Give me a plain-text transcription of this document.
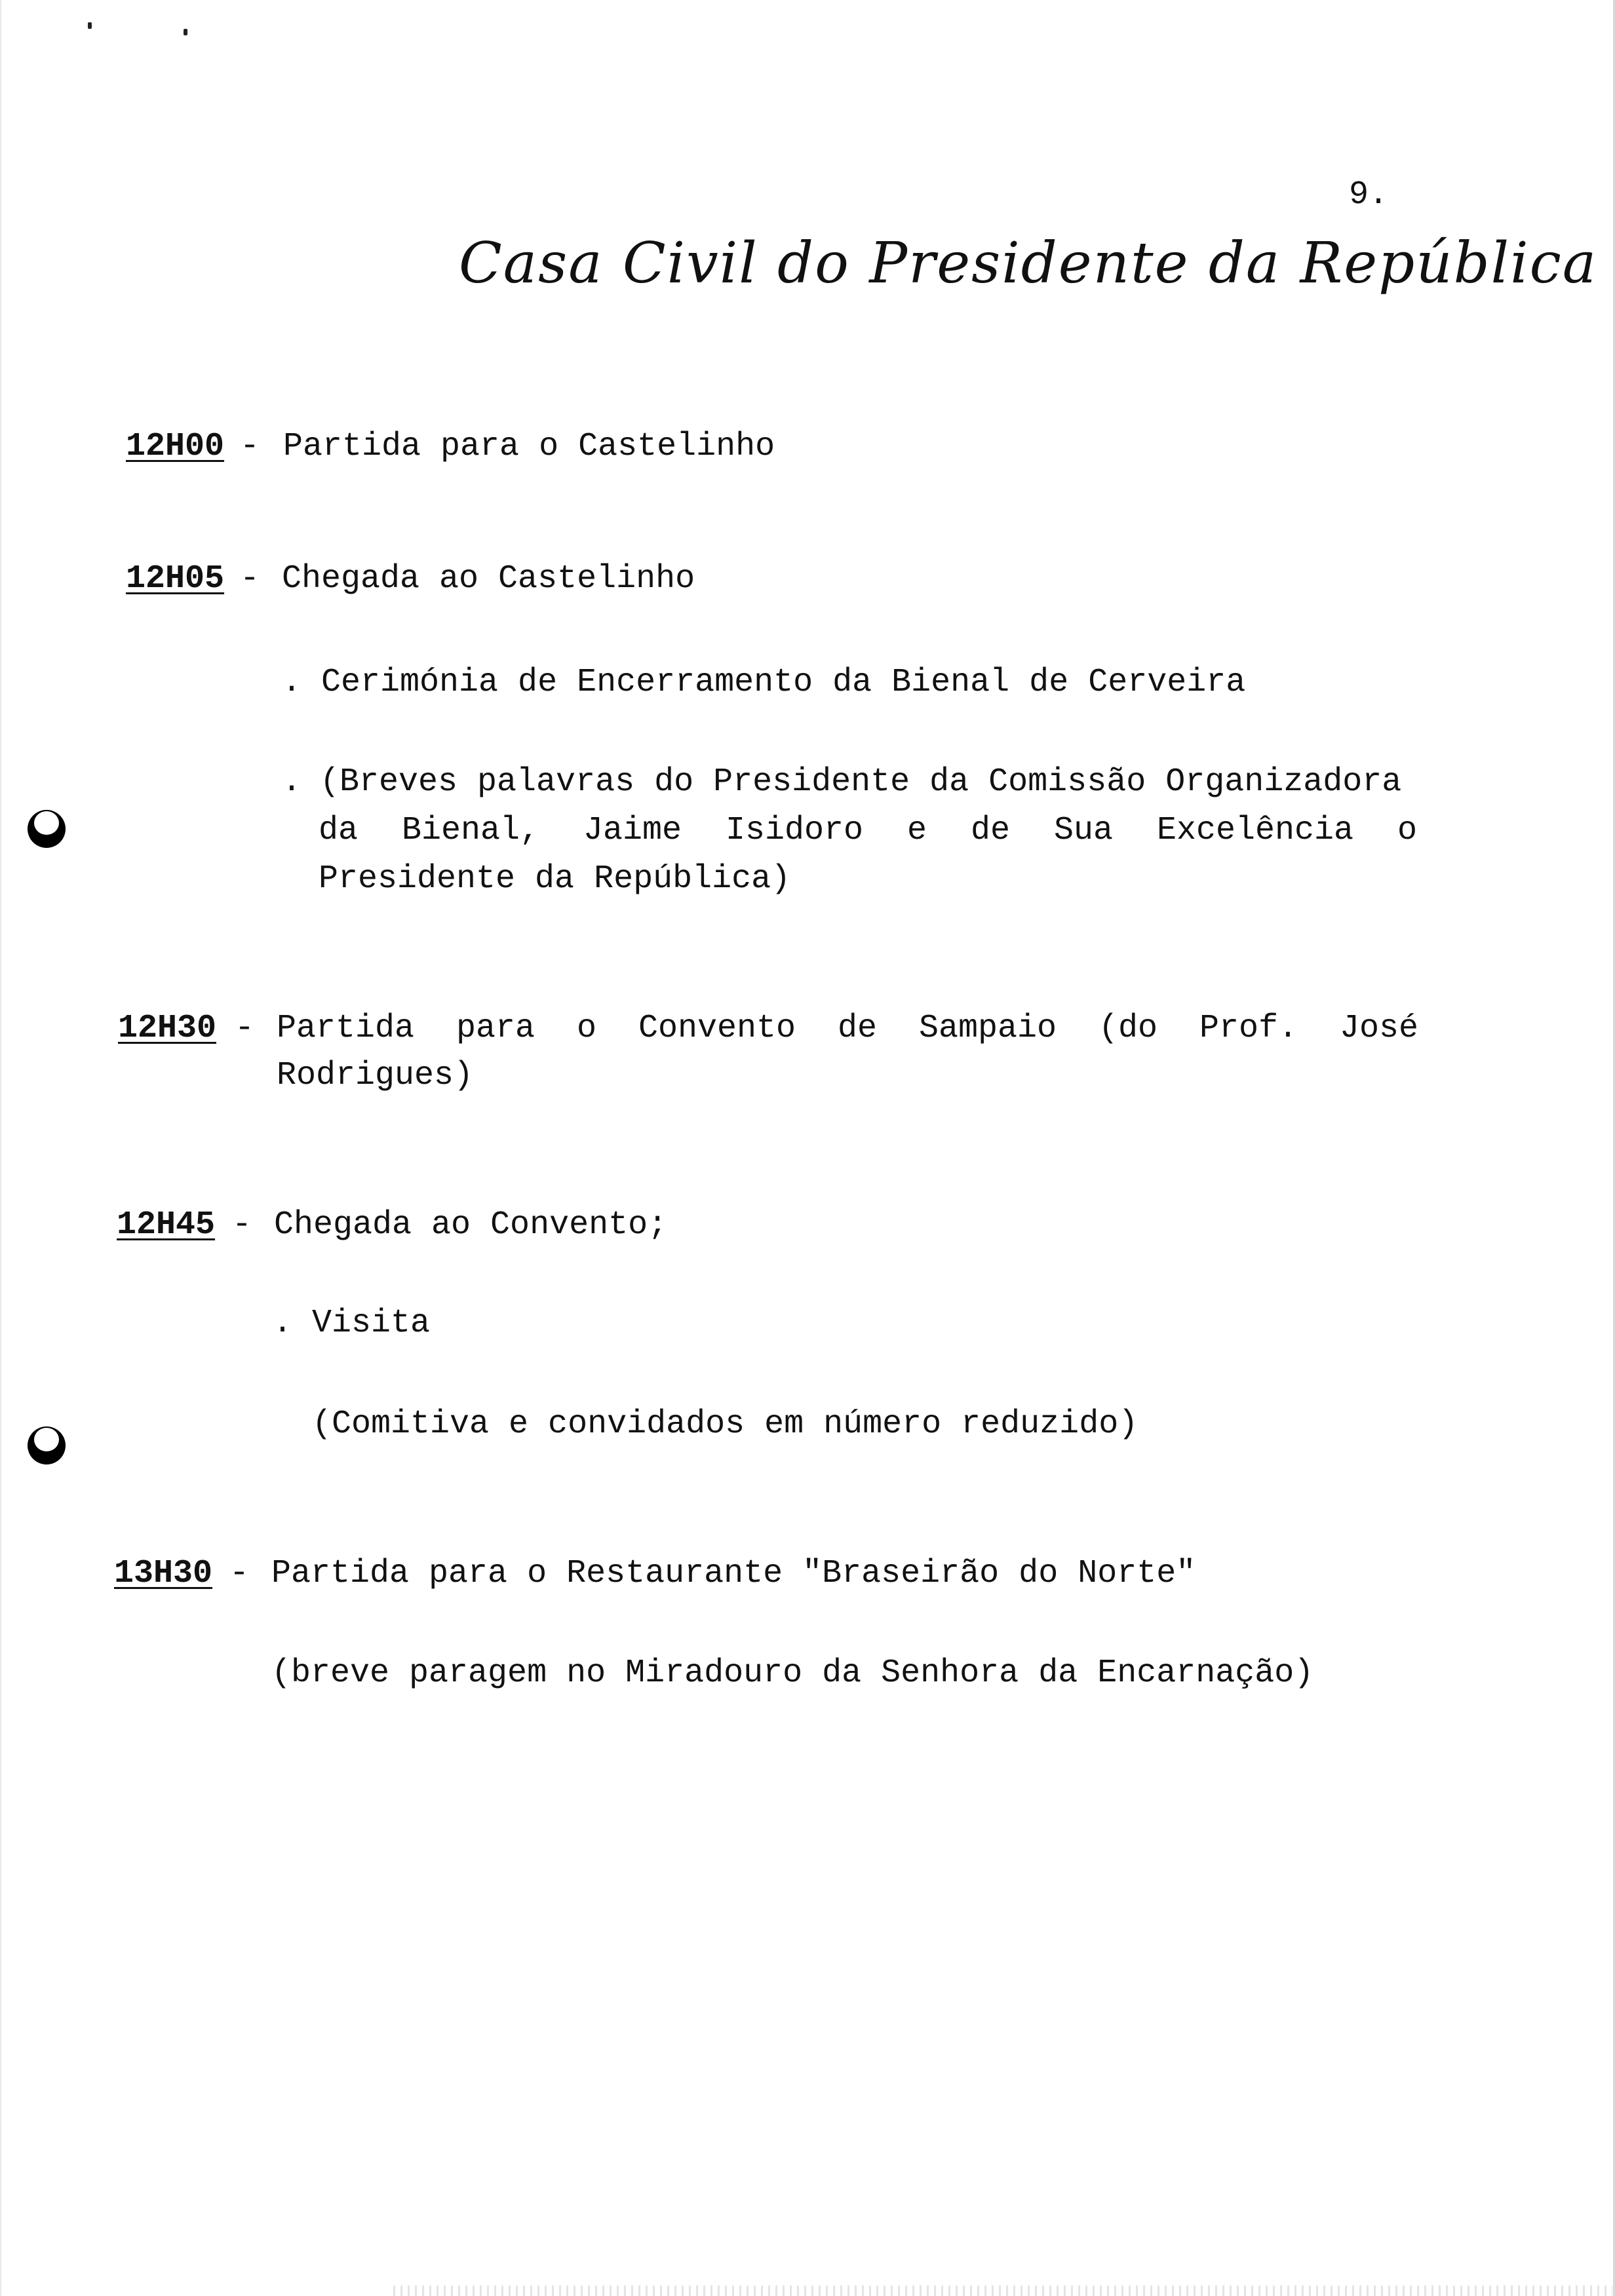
9.
Casa Civil do Presidente da República
12H00 - Partida para o Castelinho
12H05 - Chegada ao Castelinho
. Cerimónia de Encerramento da Bienal de Cerveira
. (Breves palavras do Presidente da Comissão Organizadora
da Bienal, Jaime Isidoro e de Sua Excelência o
Presidente da República)
12H30 - Partida para o Convento de Sampaio (do Prof. José
Rodrigues)
12H45 - Chegada ao Convento;
. Visita
(Comitiva e convidados em número reduzido)
13H30 - Partida para o Restaurante "Braseirão do Norte"
(breve paragem no Miradouro da Senhora da Encarnação)
